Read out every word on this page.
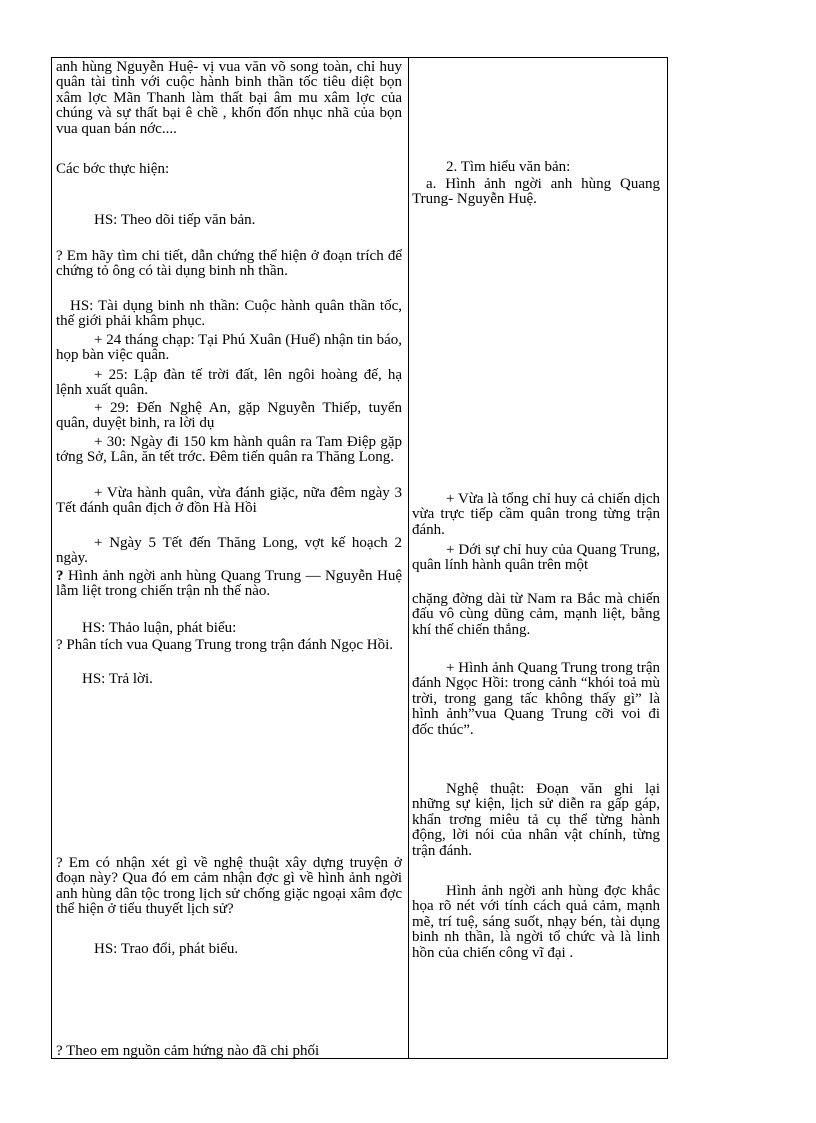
anh hùng Nguyễn Huệ- vị vua văn võ song toàn, chỉ huy quân tài tình với cuộc hành binh thần tốc tiêu diệt bọn xâm lợc Mãn Thanh làm thất bại âm mu xâm lợc của chúng và sự thất bại ê chề , khốn đốn nhục nhã của bọn vua quan bán nớc....

Các bớc thực hiện:

HS: Theo dõi tiếp văn bản.

? Em hãy tìm chi tiết, dẫn chứng thể hiện ở đoạn trích để chứng tỏ ông có tài dụng binh nh thần.

HS: Tài dụng binh nh thần: Cuộc hành quân thần tốc, thế giới phải khâm phục.

+ 24 tháng chạp: Tại Phú Xuân (Huế) nhận tin báo, họp bàn việc quân.

+ 25: Lập đàn tế trời đất, lên ngôi hoàng đế, hạ lệnh xuất quân.

+ 29: Đến Nghệ An, gặp Nguyễn Thiếp, tuyển quân, duyệt binh, ra lời dụ

+ 30: Ngày đi 150 km hành quân ra Tam Điệp gặp tớng Sở, Lân, ăn tết trớc. Đêm tiến quân ra Thăng Long.

+ Vừa hành quân, vừa đánh giặc, nữa đêm ngày 3 Tết đánh quân địch ở đồn Hà Hồi

+ Ngày 5 Tết đến Thăng Long, vợt kế hoạch 2 ngày.

? Hình ảnh ngời anh hùng Quang Trung — Nguyễn Huệ lẫm liệt trong chiến trận nh thế nào.

HS: Thảo luận, phát biểu:

? Phân tích vua Quang Trung trong trận đánh Ngọc Hồi.

HS: Trả lời.

? Em có nhận xét gì về nghệ thuật xây dựng truyện ở đoạn này? Qua đó em cảm nhận đợc gì về hình ảnh ngời anh hùng dân tộc trong lịch sử chống giặc ngoại xâm đợc thể hiện ở tiểu thuyết lịch sử?

HS: Trao đổi, phát biểu.

? Theo em nguồn cảm hứng nào đã chi phối

2. Tìm hiểu văn bản:

a. Hình ảnh ngời anh hùng Quang Trung- Nguyễn Huệ.

+ Vừa là tổng chỉ huy cả chiến dịch vừa trực tiếp cầm quân trong từng trận đánh.

+ Dới sự chỉ huy của Quang Trung, quân lính hành quân trên một

chặng đờng dài từ Nam ra Bắc mà chiến đấu vô cùng dũng cảm, mạnh liệt, bằng khí thế chiến thắng.

+ Hình ảnh Quang Trung trong trận đánh Ngọc Hồi: trong cảnh “khói toả mù trời, trong gang tấc không thấy gì” là hình ảnh”vua Quang Trung cỡi voi đi đốc thúc”.

Nghệ thuật: Đoạn văn ghi lại những sự kiện, lịch sử diễn ra gấp gáp, khẩn trơng miêu tả cụ thể từng hành động, lời nói của nhân vật chính, từng trận đánh.

Hình ảnh ngời anh hùng đợc khắc họa rõ nét với tính cách quả cảm, mạnh mẽ, trí tuệ, sáng suốt, nhạy bén, tài dụng binh nh thần, là ngời tổ chức và là linh hồn của chiến công vĩ đại .
